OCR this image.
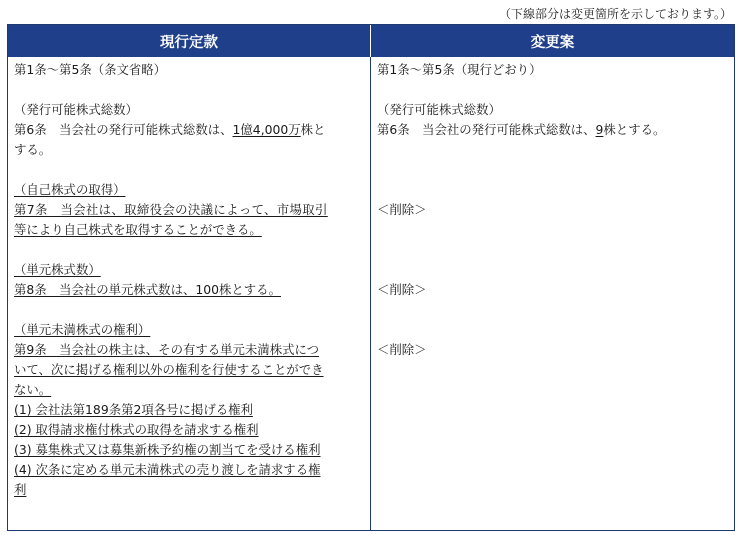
（下線部分は変更箇所を示しております。）
現行定款	変更案
第1条〜第5条（条文省略）
（発行可能株式総数）
第6条　当会社の発行可能株式総数は、1億4,000万株と
する。
（自己株式の取得）
第7条　当会社は、取締役会の決議によって、市場取引
等により自己株式を取得することができる。
（単元株式数）
第8条　当会社の単元株式数は、100株とする。
（単元未満株式の権利）
第9条　当会社の株主は、その有する単元未満株式につ
いて、次に掲げる権利以外の権利を行使することができ
ない。
(1) 会社法第189条第2項各号に掲げる権利
(2) 取得請求権付株式の取得を請求する権利
(3) 募集株式又は募集新株予約権の割当てを受ける権利
(4) 次条に定める単元未満株式の売り渡しを請求する権
利
第1条〜第5条（現行どおり）
（発行可能株式総数）
第6条　当会社の発行可能株式総数は、9株とする。
＜削除＞
＜削除＞
＜削除＞
